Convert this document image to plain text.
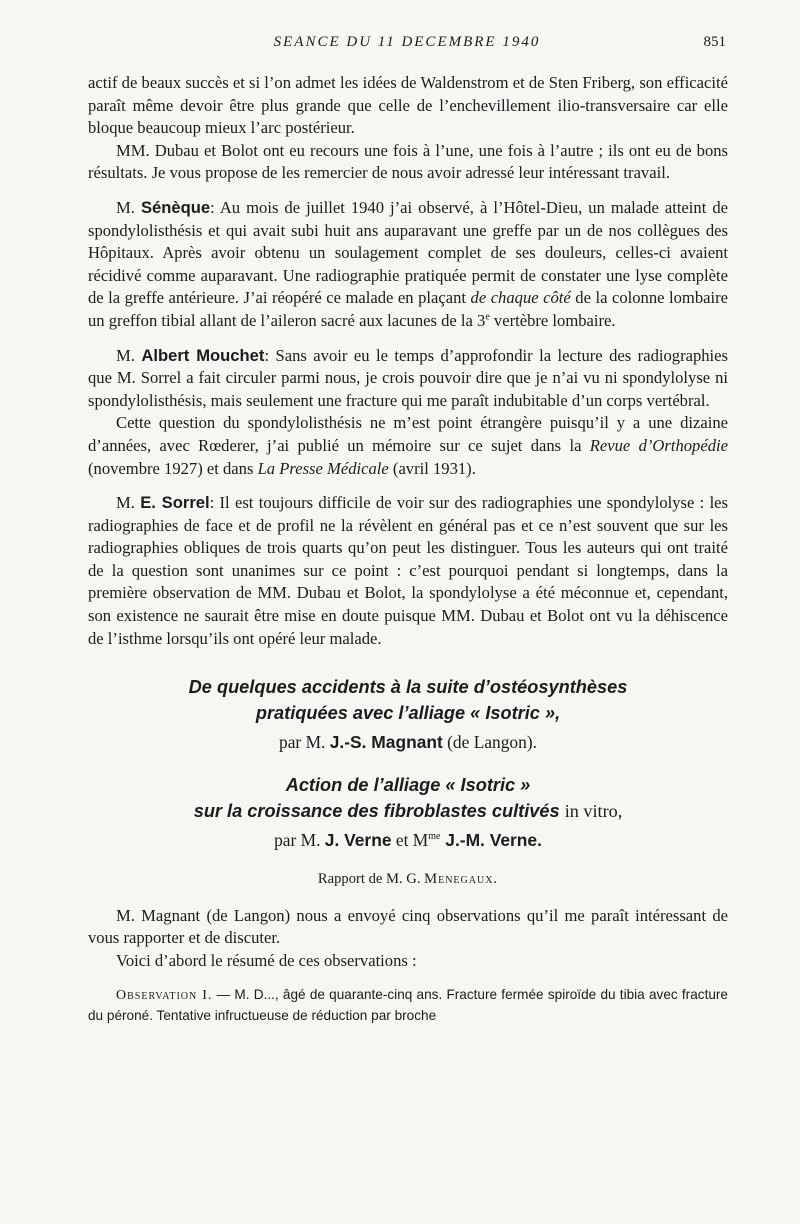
SEANCE DU 11 DECEMBRE 1940	851

actif de beaux succès et si l’on admet les idées de Waldenstrom et de Sten Friberg, son efficacité paraît même devoir être plus grande que celle de l’enchevillement ilio-transversaire car elle bloque beaucoup mieux l’arc postérieur.

MM. Dubau et Bolot ont eu recours une fois à l’une, une fois à l’autre ; ils ont eu de bons résultats. Je vous propose de les remercier de nous avoir adressé leur intéressant travail.

M. Sénèque: Au mois de juillet 1940 j’ai observé, à l’Hôtel-Dieu, un malade atteint de spondylolisthésis et qui avait subi huit ans auparavant une greffe par un de nos collègues des Hôpitaux. Après avoir obtenu un soulagement complet de ses douleurs, celles-ci avaient récidivé comme auparavant. Une radiographie pratiquée permit de constater une lyse complète de la greffe antérieure. J’ai réopéré ce malade en plaçant de chaque côté de la colonne lombaire un greffon tibial allant de l’aileron sacré aux lacunes de la 3e vertèbre lombaire.

M. Albert Mouchet: Sans avoir eu le temps d’approfondir la lecture des radiographies que M. Sorrel a fait circuler parmi nous, je crois pouvoir dire que je n’ai vu ni spondylolyse ni spondylolisthésis, mais seulement une fracture qui me paraît indubitable d’un corps vertébral.

Cette question du spondylolisthésis ne m’est point étrangère puisqu’il y a une dizaine d’années, avec Rœderer, j’ai publié un mémoire sur ce sujet dans la Revue d’Orthopédie (novembre 1927) et dans La Presse Médicale (avril 1931).

M. E. Sorrel: Il est toujours difficile de voir sur des radiographies une spondylolyse : les radiographies de face et de profil ne la révèlent en général pas et ce n’est souvent que sur les radiographies obliques de trois quarts qu’on peut les distinguer. Tous les auteurs qui ont traité de la question sont unanimes sur ce point : c’est pourquoi pendant si longtemps, dans la première observation de MM. Dubau et Bolot, la spondylolyse a été méconnue et, cependant, son existence ne saurait être mise en doute puisque MM. Dubau et Bolot ont vu la déhiscence de l’isthme lorsqu’ils ont opéré leur malade.

De quelques accidents à la suite d’ostéosynthèses
pratiquées avec l’alliage « Isotric »,
par M. J.-S. Magnant (de Langon).
Action de l’alliage « Isotric »
sur la croissance des fibroblastes cultivés in vitro,
par M. J. Verne et $M^{me}$ J.-M. Verne.

Rapport de M. G. Menegaux.

M. Magnant (de Langon) nous a envoyé cinq observations qu’il me paraît intéressant de vous rapporter et de discuter.

Voici d’abord le résumé de ces observations :

Observation I. — M. D..., âgé de quarante-cinq ans. Fracture fermée spiroïde du tibia avec fracture du péroné. Tentative infructueuse de réduction par broche
